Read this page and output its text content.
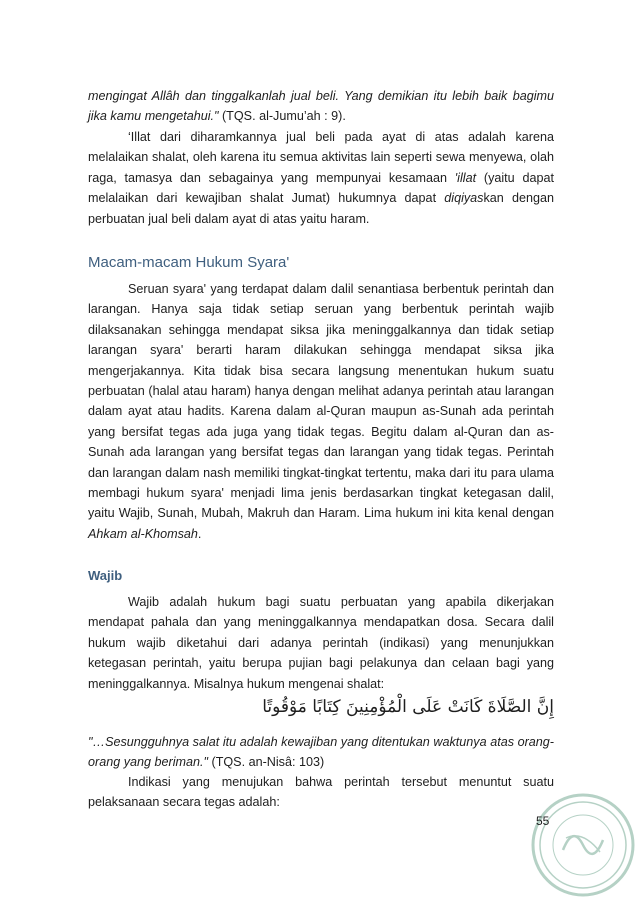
mengingat Allâh dan tinggalkanlah jual beli. Yang demikian itu lebih baik bagimu jika kamu mengetahui." (TQS. al-Jumu’ah : 9).

‘Illat dari diharamkannya jual beli pada ayat di atas adalah karena melalaikan shalat, oleh karena itu semua aktivitas lain seperti sewa menyewa, olah raga, tamasya dan sebagainya yang mempunyai kesamaan 'illat (yaitu dapat melalaikan dari kewajiban shalat Jumat) hukumnya dapat diqiyaskan dengan perbuatan jual beli dalam ayat di atas yaitu haram.

Macam-macam Hukum Syara'

Seruan syara' yang terdapat dalam dalil senantiasa berbentuk perintah dan larangan. Hanya saja tidak setiap seruan yang berbentuk perintah wajib dilaksanakan sehingga mendapat siksa jika meninggalkannya dan tidak setiap larangan syara' berarti haram dilakukan sehingga mendapat siksa jika mengerjakannya. Kita tidak bisa secara langsung menentukan hukum suatu perbuatan (halal atau haram) hanya dengan melihat adanya perintah atau larangan dalam ayat atau hadits. Karena dalam al-Quran maupun as-Sunah ada perintah yang bersifat tegas ada juga yang tidak tegas. Begitu dalam al-Quran dan as-Sunah ada larangan yang bersifat tegas dan larangan yang tidak tegas. Perintah dan larangan dalam nash memiliki tingkat-tingkat tertentu, maka dari itu para ulama membagi hukum syara' menjadi lima jenis berdasarkan tingkat ketegasan dalil, yaitu Wajib, Sunah, Mubah, Makruh dan Haram. Lima hukum ini kita kenal dengan Ahkam al-Khomsah.

Wajib

Wajib adalah hukum bagi suatu perbuatan yang apabila dikerjakan mendapat pahala dan yang meninggalkannya mendapatkan dosa. Secara dalil hukum wajib diketahui dari adanya perintah (indikasi) yang menunjukkan ketegasan perintah, yaitu berupa pujian bagi pelakunya dan celaan bagi yang meninggalkannya. Misalnya hukum mengenai shalat:

إِنَّ الصَّلَاةَ كَانَتْ عَلَى الْمُؤْمِنِينَ كِتَابًا مَوْقُوتًا

"…Sesungguhnya salat itu adalah kewajiban yang ditentukan waktunya atas orang-orang yang beriman." (TQS. an-Nisâ: 103)

Indikasi yang menujukan bahwa perintah tersebut menuntut suatu pelaksanaan secara tegas adalah:

55
